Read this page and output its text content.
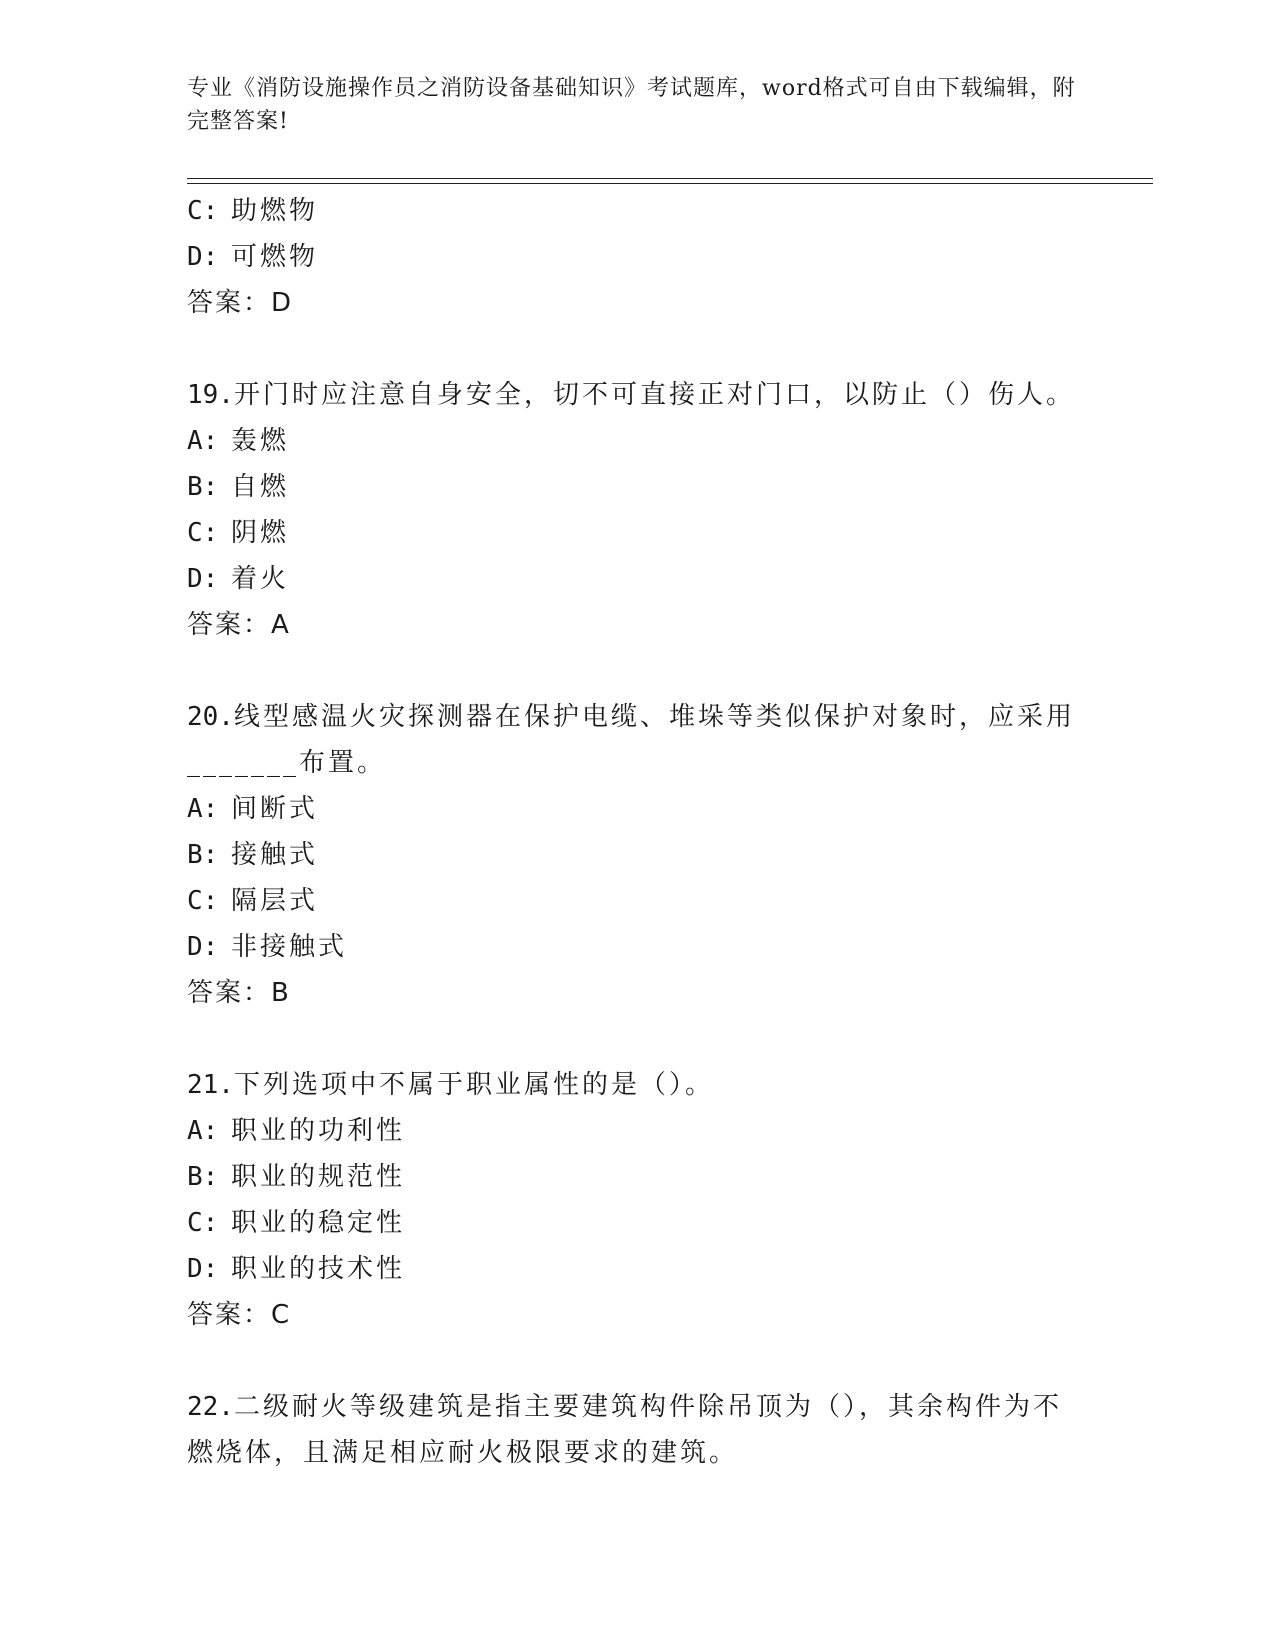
专业《消防设施操作员之消防设备基础知识》考试题库，word格式可自由下载编辑，附完整答案!
C: 助燃物
D: 可燃物
答案：D
19.开门时应注意自身安全，切不可直接正对门口，以防止（）伤人。
A: 轰燃
B: 自燃
C: 阴燃
D: 着火
答案：A
20.线型感温火灾探测器在保护电缆、堆垛等类似保护对象时，应采用
_______布置。
A: 间断式
B: 接触式
C: 隔层式
D: 非接触式
答案：B
21.下列选项中不属于职业属性的是（）。
A: 职业的功利性
B: 职业的规范性
C: 职业的稳定性
D: 职业的技术性
答案：C
22.二级耐火等级建筑是指主要建筑构件除吊顶为（），其余构件为不
燃烧体，且满足相应耐火极限要求的建筑。
